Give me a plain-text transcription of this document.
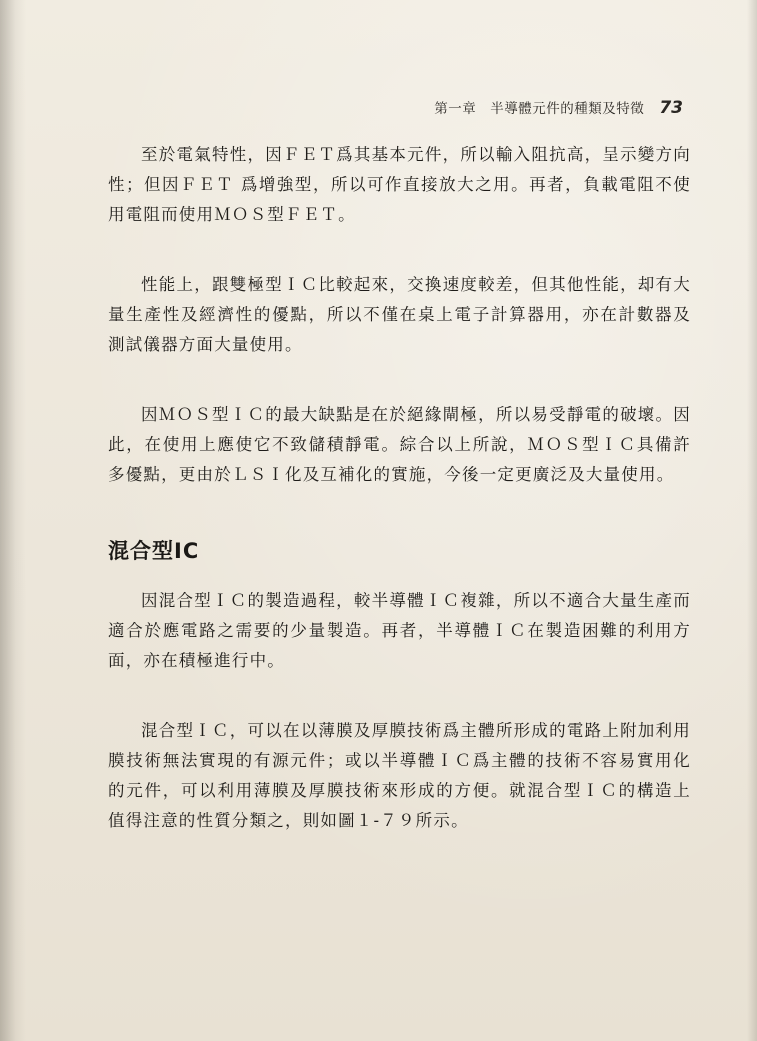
第一章　半導體元件的種類及特徵 73

至於電氣特性，因ＦＥＴ爲其基本元件，所以輸入阻抗高，呈示變方向性；但因ＦＥＴ 爲增強型，所以可作直接放大之用。再者，負載電阻不使用電阻而使用ＭＯＳ型ＦＥＴ。

性能上，跟雙極型ＩＣ比較起來，交換速度較差，但其他性能，却有大量生產性及經濟性的優點，所以不僅在桌上電子計算器用，亦在計數器及測試儀器方面大量使用。

因ＭＯＳ型ＩＣ的最大缺點是在於絕緣閘極，所以易受靜電的破壞。因此，在使用上應使它不致儲積靜電。綜合以上所說，ＭＯＳ型ＩＣ具備許多優點，更由於ＬＳＩ化及互補化的實施，今後一定更廣泛及大量使用。

混合型IC

因混合型ＩＣ的製造過程，較半導體ＩＣ複雜，所以不適合大量生產而適合於應電路之需要的少量製造。再者，半導體ＩＣ在製造困難的利用方面，亦在積極進行中。

混合型ＩＣ，可以在以薄膜及厚膜技術爲主體所形成的電路上附加利用膜技術無法實現的有源元件；或以半導體ＩＣ爲主體的技術不容易實用化的元件，可以利用薄膜及厚膜技術來形成的方便。就混合型ＩＣ的構造上值得注意的性質分類之，則如圖１-７９所示。
